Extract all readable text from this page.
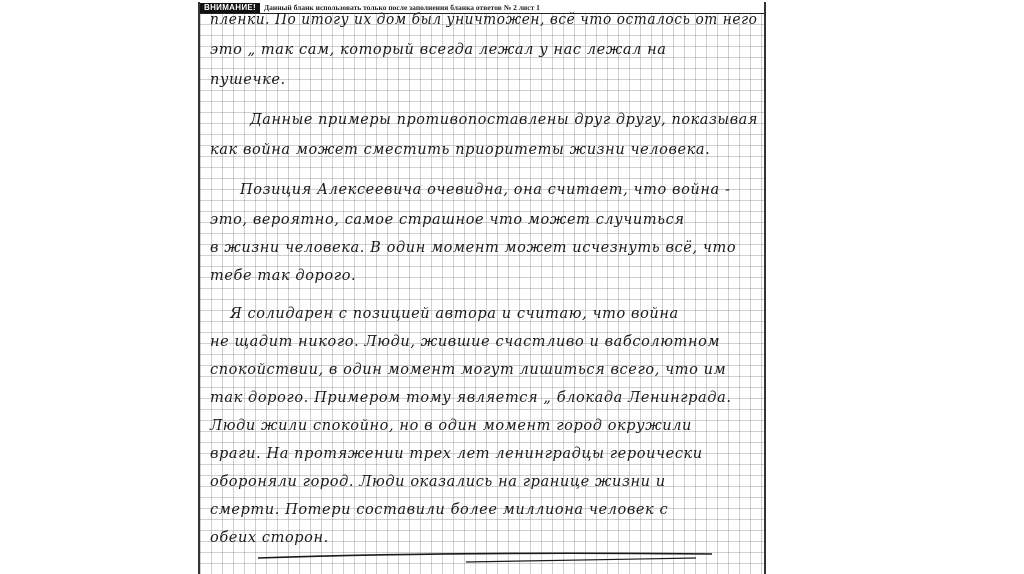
ВНИМАНИЕ!	Данный бланк использовать только после заполнения бланка ответов № 2 лист 1
пленки. По итогу их дом был уничтожен, всё что осталось от него
это „ так сам, который всегда лежал у нас лежал на
пушечке.
Данные примеры противопоставлены друг другу, показывая
как война может сместить приоритеты жизни человека.
Позиция Алексеевича очевидна, она считает, что война -
это, вероятно, самое страшное что может случиться
в жизни человека. В один момент может исчезнуть всё, что
тебе так дорого.
Я солидарен с позицией автора и считаю, что война
не щадит никого. Люди, жившие счастливо и вабсолютном
спокойствии, в один момент могут лишиться всего, что им
так дорого. Примером тому является „ блокада Ленинграда.
Люди жили спокойно, но в один момент город окружили
враги. На протяжении трех лет ленинградцы героически
обороняли город. Люди оказались на границе жизни и
смерти. Потери составили более миллиона человек с
обеих сторон.
